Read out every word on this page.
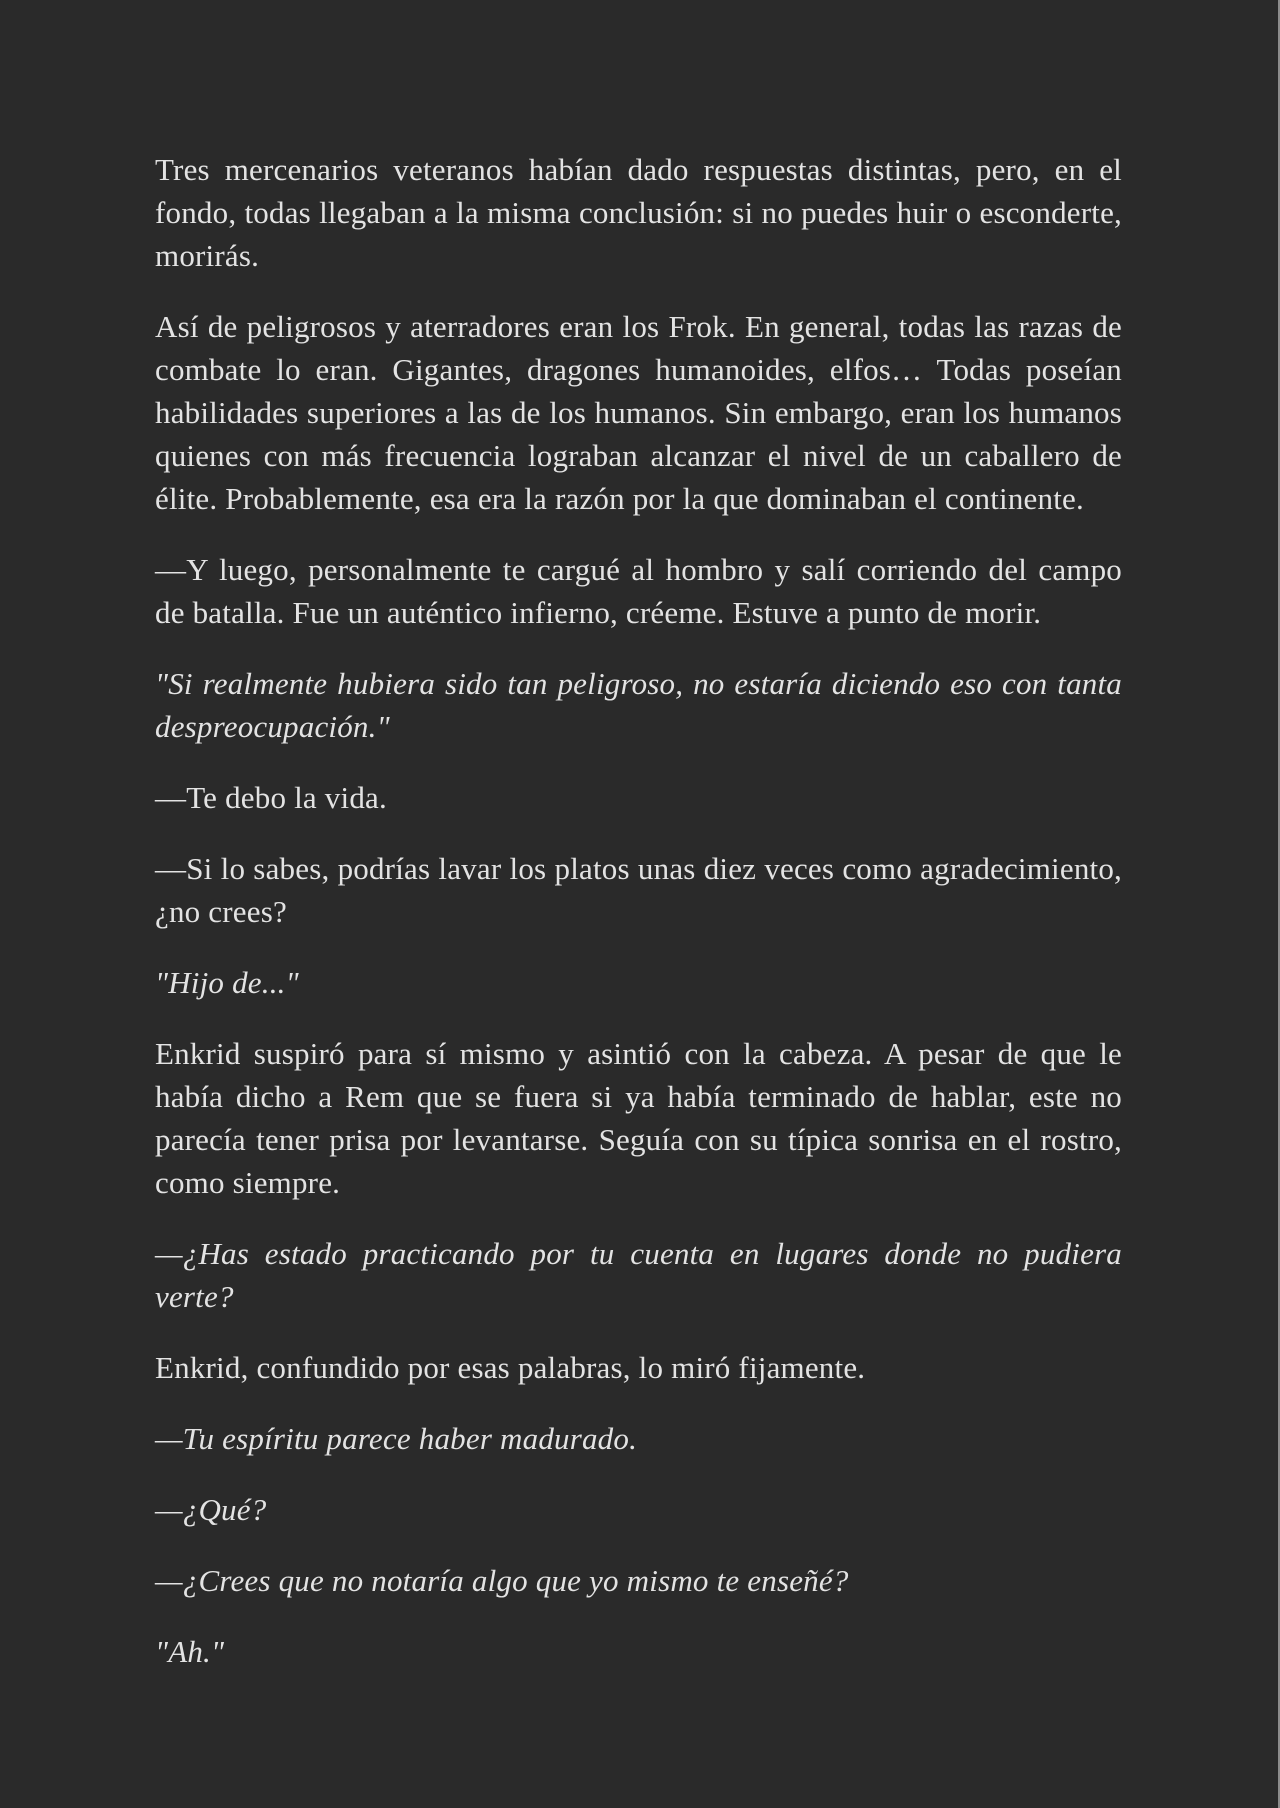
Tres mercenarios veteranos habían dado respuestas distintas, pero, en el fondo, todas llegaban a la misma conclusión: si no puedes huir o esconderte, morirás.

Así de peligrosos y aterradores eran los Frok. En general, todas las razas de combate lo eran. Gigantes, dragones humanoides, elfos… Todas poseían habilidades superiores a las de los humanos. Sin embargo, eran los humanos quienes con más frecuencia lograban alcanzar el nivel de un caballero de élite. Probablemente, esa era la razón por la que dominaban el continente.

—Y luego, personalmente te cargué al hombro y salí corriendo del campo de batalla. Fue un auténtico infierno, créeme. Estuve a punto de morir.

"Si realmente hubiera sido tan peligroso, no estaría diciendo eso con tanta despreocupación."

—Te debo la vida.

—Si lo sabes, podrías lavar los platos unas diez veces como agradecimiento, ¿no crees?

"Hijo de..."

Enkrid suspiró para sí mismo y asintió con la cabeza. A pesar de que le había dicho a Rem que se fuera si ya había terminado de hablar, este no parecía tener prisa por levantarse. Seguía con su típica sonrisa en el rostro, como siempre.

—¿Has estado practicando por tu cuenta en lugares donde no pudiera verte?

Enkrid, confundido por esas palabras, lo miró fijamente.

—Tu espíritu parece haber madurado.

—¿Qué?

—¿Crees que no notaría algo que yo mismo te enseñé?

"Ah."
